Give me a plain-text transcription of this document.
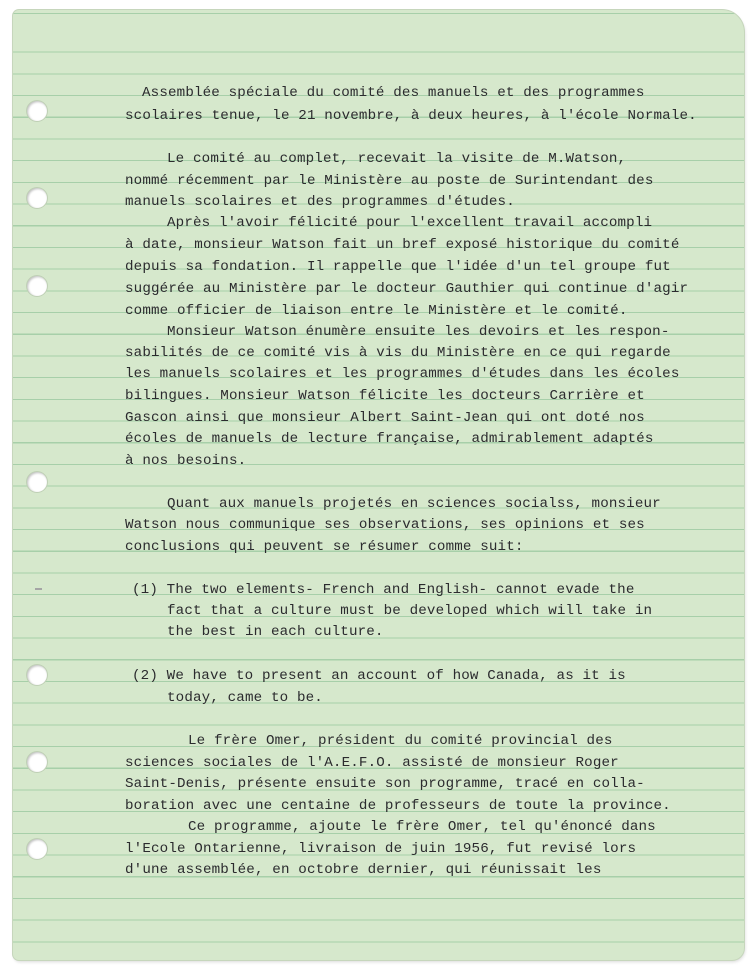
Assemblée spéciale du comité des manuels et des programmes
scolaires tenue, le 21 novembre, à deux heures, à l'école Normale.
Le comité au complet, recevait la visite de M.Watson,
nommé récemment par le Ministère au poste de Surintendant des
manuels scolaires et des programmes d'études.
Après l'avoir félicité pour l'excellent travail accompli
à date, monsieur Watson fait un bref exposé historique du comité
depuis sa fondation. Il rappelle que l'idée d'un tel groupe fut
suggérée au Ministère par le docteur Gauthier qui continue d'agir
comme officier de liaison entre le Ministère et le comité.
Monsieur Watson énumère ensuite les devoirs et les respon-
sabilités de ce comité vis à vis du Ministère en ce qui regarde
les manuels scolaires et les programmes d'études dans les écoles
bilingues. Monsieur Watson félicite les docteurs Carrière et
Gascon ainsi que monsieur Albert Saint-Jean qui ont doté nos
écoles de manuels de lecture française, admirablement adaptés
à nos besoins.
Quant aux manuels projetés en sciences socialss, monsieur
Watson nous communique ses observations, ses opinions et ses
conclusions qui peuvent se résumer comme suit:
(1) The two elements- French and English- cannot evade the
fact that a culture must be developed which will take in
the best in each culture.
(2) We have to present an account of how Canada, as it is
today, came to be.
Le frère Omer, président du comité provincial des
sciences sociales de l'A.E.F.O. assisté de monsieur Roger
Saint-Denis, présente ensuite son programme, tracé en colla-
boration avec une centaine de professeurs de toute la province.
Ce programme, ajoute le frère Omer, tel qu'énoncé dans
l'Ecole Ontarienne, livraison de juin 1956, fut revisé lors
d'une assemblée, en octobre dernier, qui réunissait les
